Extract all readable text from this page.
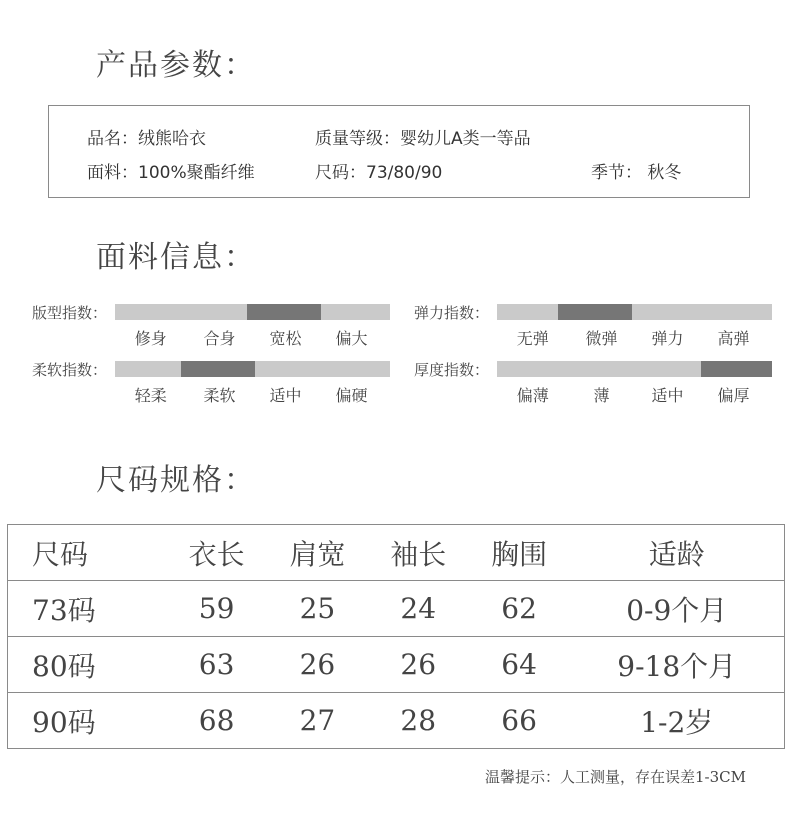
产品参数：
品名：绒熊哈衣	质量等级：婴幼儿A类一等品
面料：100%聚酯纤维	尺码：73/80/90	季节： 秋冬
面料信息：
版型指数：
修身 合身 宽松 偏大
弹力指数：
无弹 微弹 弹力 高弹
柔软指数：
轻柔 柔软 适中 偏硬
厚度指数：
偏薄	薄	适中 偏厚
尺码规格：
尺码	衣长	肩宽	袖长	胸围	适龄
73码	59	25	24	62	0-9个月
80码	63	26	26	64	9-18个月
90码	68	27	28	66	1-2岁
温馨提示：人工测量，存在误差1-3CM
